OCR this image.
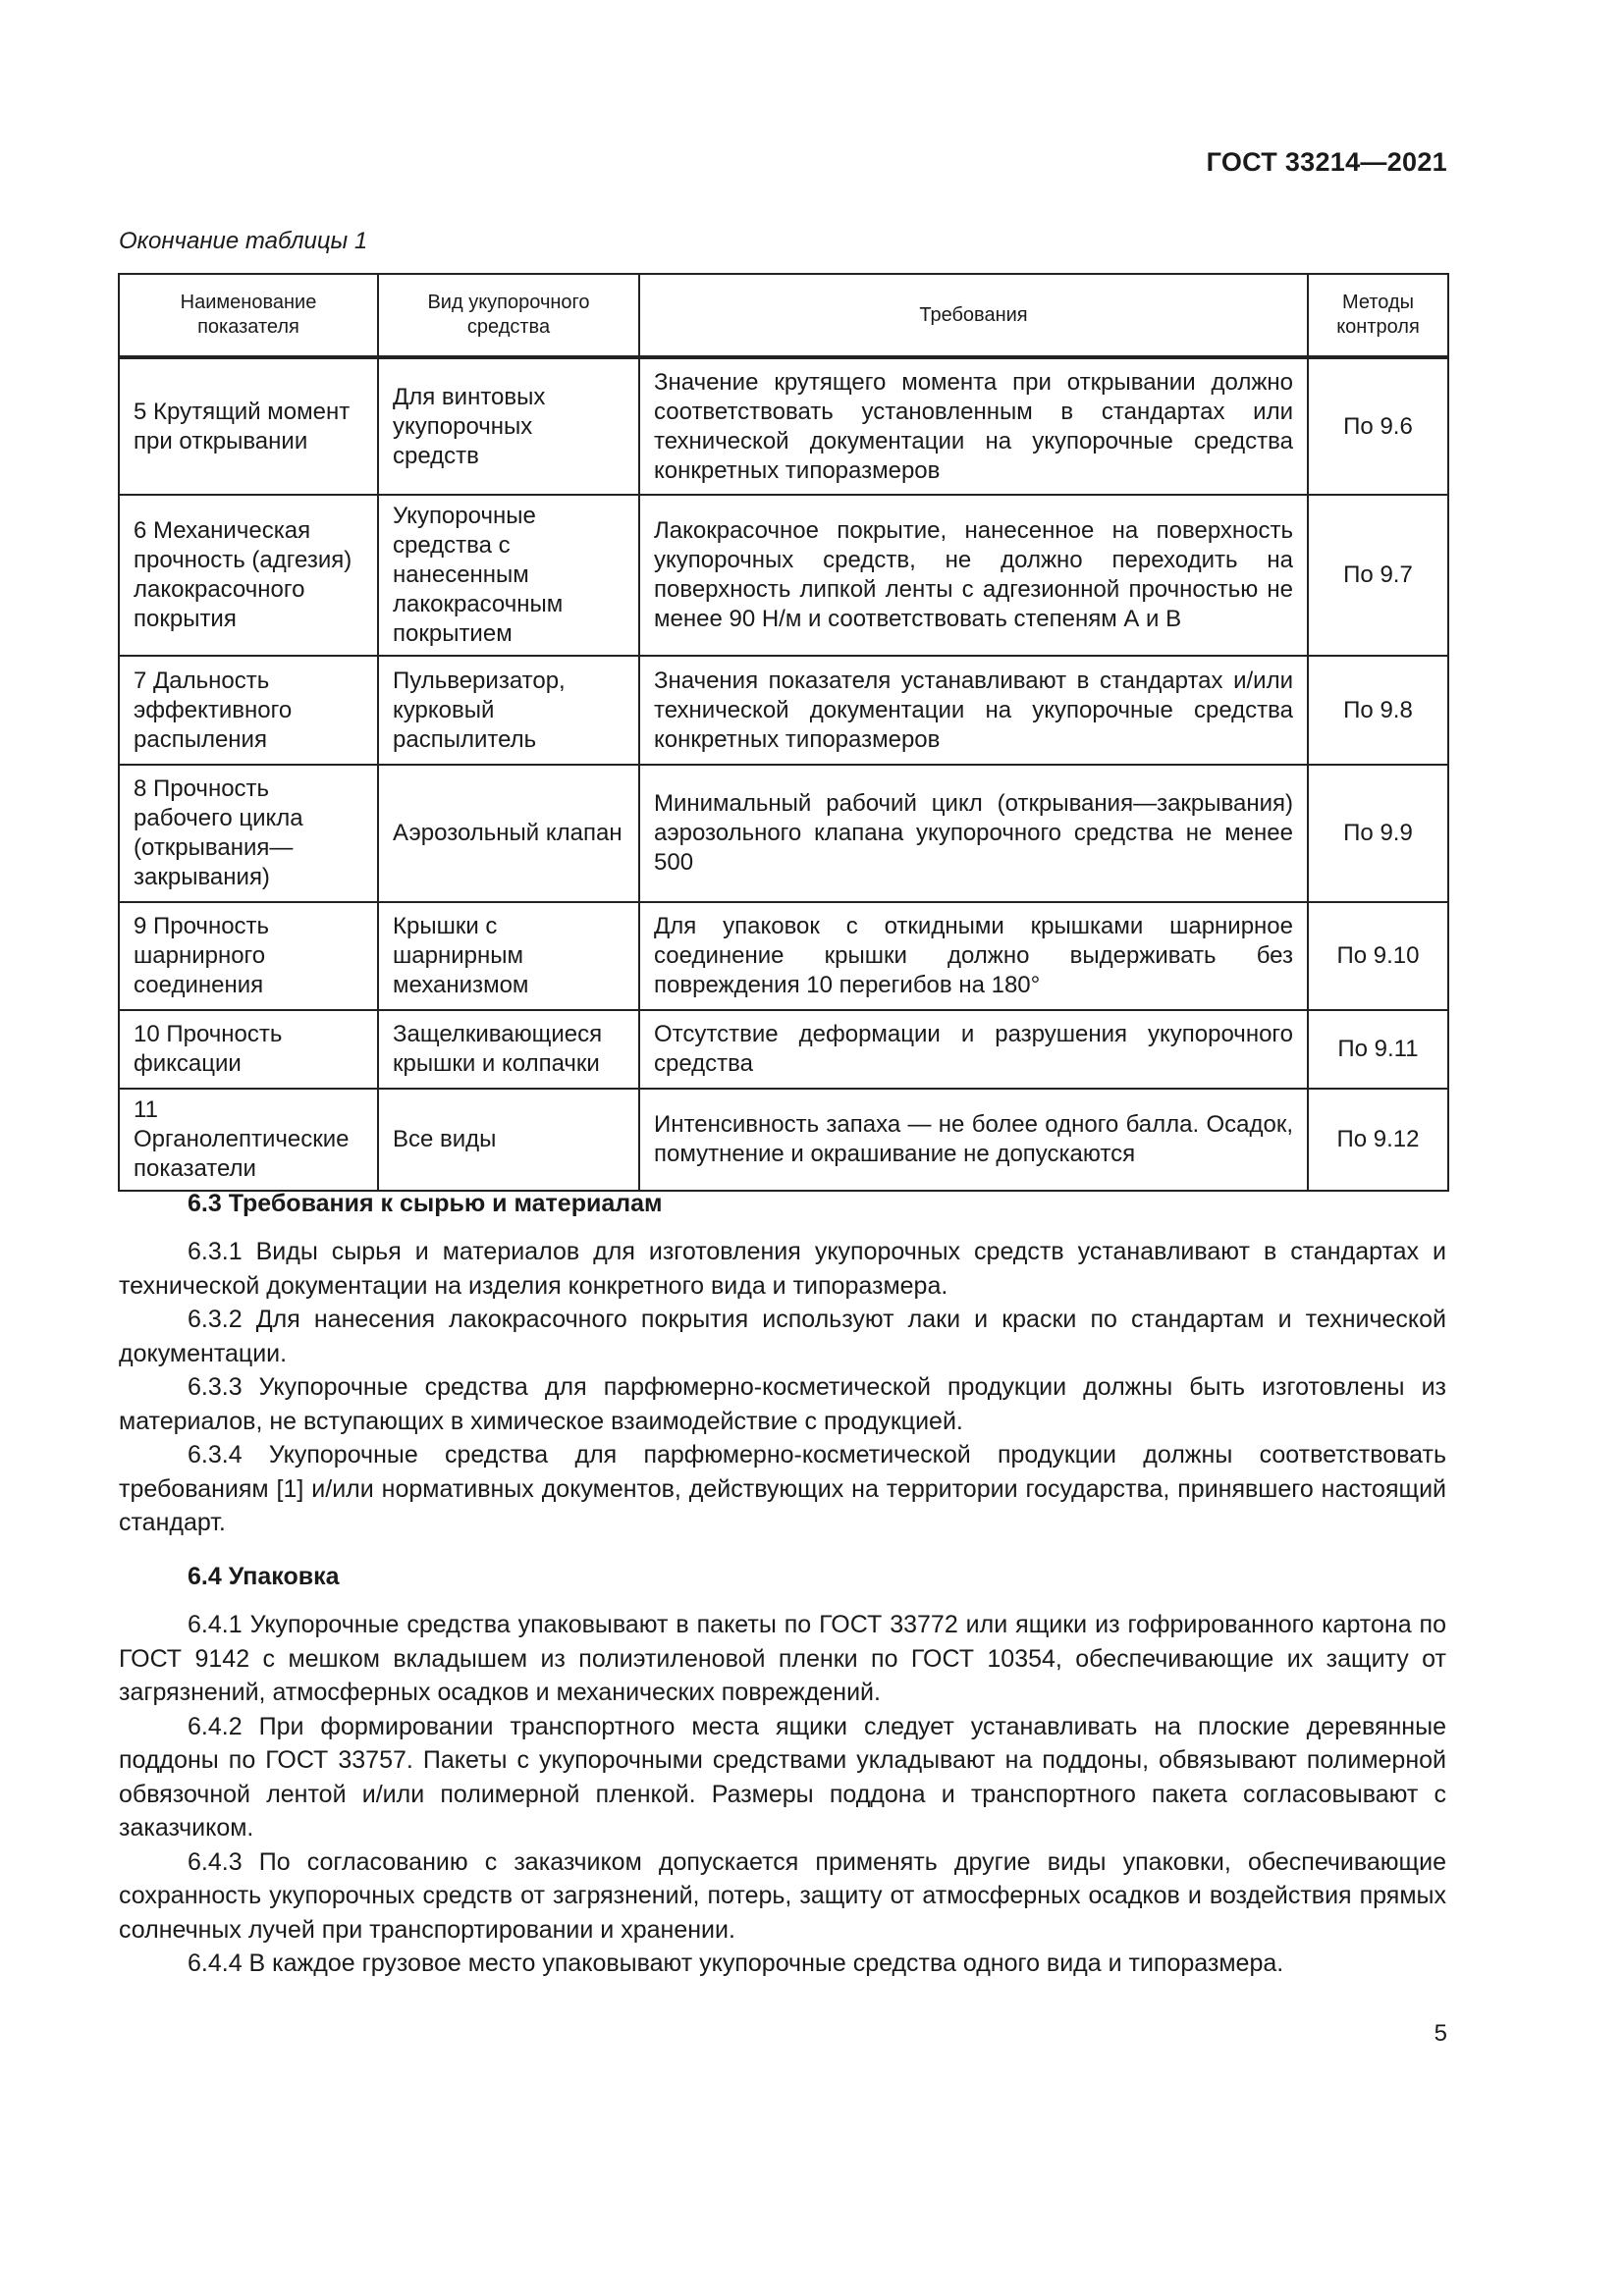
ГОСТ 33214—2021
Окончание таблицы 1
Наименование показателя	Вид укупорочного средства	Требования	Методы контроля
5 Крутящий момент при открывании	Для винтовых укупорочных средств	Значение крутящего момента при открывании должно соответствовать установленным в стандартах или технической документации на укупорочные средства конкретных типоразмеров	По 9.6
6 Механическая прочность (адгезия) лакокрасочного покрытия	Укупорочные средства с нанесенным лакокрасочным покрытием	Лакокрасочное покрытие, нанесенное на поверхность укупорочных средств, не должно переходить на поверхность липкой ленты с адгезионной прочностью не менее 90 Н/м и соответствовать степеням А и В	По 9.7
7 Дальность эффективного распыления	Пульверизатор, курковый распылитель	Значения показателя устанавливают в стандартах и/или технической документации на укупорочные средства конкретных типоразмеров	По 9.8
8 Прочность рабочего цикла (открывания—закрывания)	Аэрозольный клапан	Минимальный рабочий цикл (открывания—закрывания) аэрозольного клапана укупорочного средства не менее 500	По 9.9
9 Прочность шарнирного соединения	Крышки с шарнирным механизмом	Для упаковок с откидными крышками шарнирное соединение крышки должно выдерживать без повреждения 10 перегибов на 180°	По 9.10
10 Прочность фиксации	Защелкивающиеся крышки и колпачки	Отсутствие деформации и разрушения укупорочного средства	По 9.11
11 Органолептические показатели	Все виды	Интенсивность запаха — не более одного балла. Осадок, помутнение и окрашивание не допускаются	По 9.12
6.3 Требования к сырью и материалам

6.3.1 Виды сырья и материалов для изготовления укупорочных средств устанавливают в стандартах и технической документации на изделия конкретного вида и типоразмера.

6.3.2 Для нанесения лакокрасочного покрытия используют лаки и краски по стандартам и технической документации.

6.3.3 Укупорочные средства для парфюмерно-косметической продукции должны быть изготовлены из материалов, не вступающих в химическое взаимодействие с продукцией.

6.3.4 Укупорочные средства для парфюмерно-косметической продукции должны соответствовать требованиям [1] и/или нормативных документов, действующих на территории государства, принявшего настоящий стандарт.

6.4 Упаковка

6.4.1 Укупорочные средства упаковывают в пакеты по ГОСТ 33772 или ящики из гофрированного картона по ГОСТ 9142 с мешком вкладышем из полиэтиленовой пленки по ГОСТ 10354, обеспечивающие их защиту от загрязнений, атмосферных осадков и механических повреждений.

6.4.2 При формировании транспортного места ящики следует устанавливать на плоские деревянные поддоны по ГОСТ 33757. Пакеты с укупорочными средствами укладывают на поддоны, обвязывают полимерной обвязочной лентой и/или полимерной пленкой. Размеры поддона и транспортного пакета согласовывают с заказчиком.

6.4.3 По согласованию с заказчиком допускается применять другие виды упаковки, обеспечивающие сохранность укупорочных средств от загрязнений, потерь, защиту от атмосферных осадков и воздействия прямых солнечных лучей при транспортировании и хранении.

6.4.4 В каждое грузовое место упаковывают укупорочные средства одного вида и типоразмера.

5
